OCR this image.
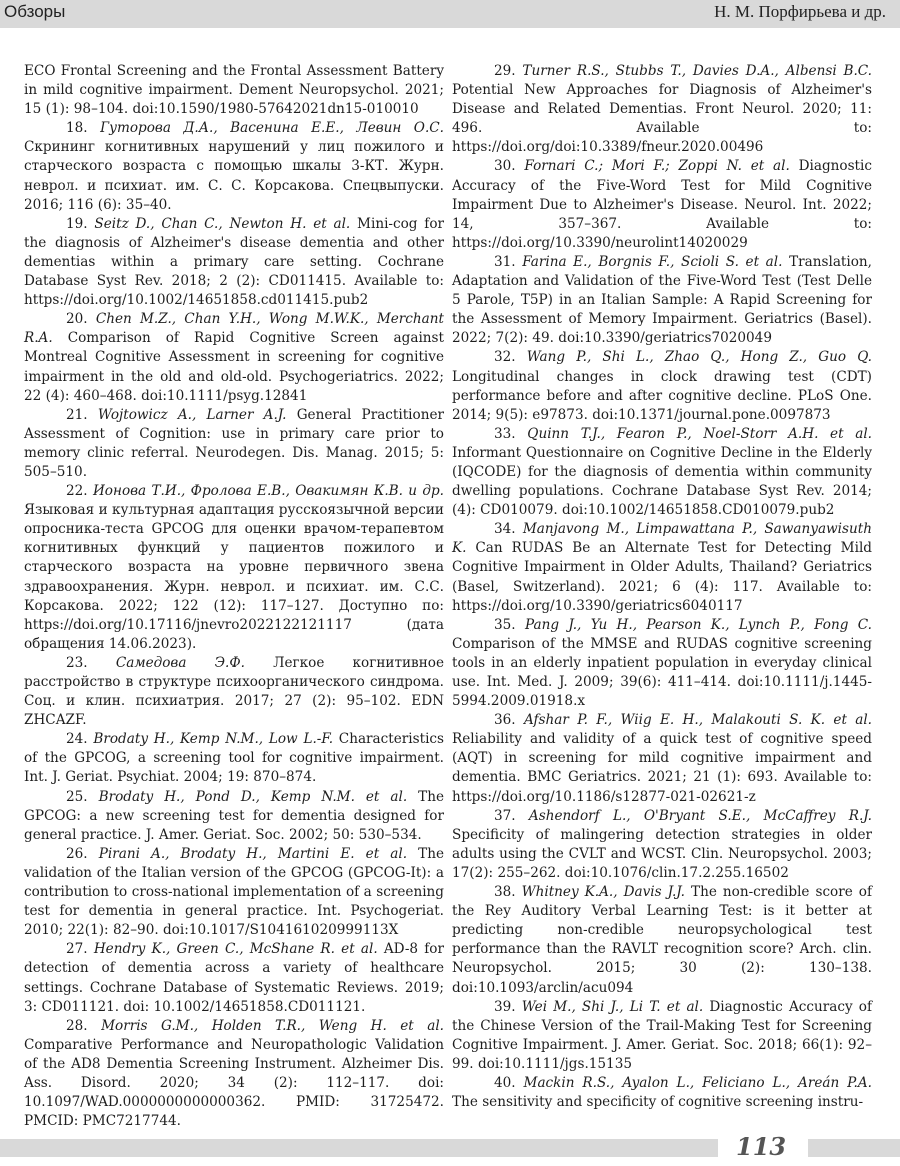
Обзоры	Н. М. Порфирьева и др.

ECO Frontal Screening and the Frontal Assessment Battery in mild cognitive impairment. Dement Neuropsychol. 2021; 15 (1): 98–104. doi:10.1590/1980-57642021dn15-010010

18. Гуторова Д.А., Васенина Е.Е., Левин О.С. Скрининг когнитивных нарушений у лиц пожилого и старческого возраста с помощью шкалы 3-КТ. Журн. неврол. и психиат. им. С. С. Корсакова. Спецвыпуски. 2016; 116 (6): 35–40.

19. Seitz D., Chan C., Newton H. et al. Mini-cog for the diagnosis of Alzheimer's disease dementia and other dementias within a primary care setting. Cochrane Database Syst Rev. 2018; 2 (2): CD011415. Available to: https://doi.org/10.1002/14651858.cd011415.pub2

20. Chen M.Z., Chan Y.H., Wong M.W.K., Merchant R.A. Comparison of Rapid Cognitive Screen against Montreal Cognitive Assessment in screening for cognitive impairment in the old and old-old. Psychogeriatrics. 2022; 22 (4): 460–468. doi:10.1111/psyg.12841

21. Wojtowicz A., Larner A.J. General Practitioner Assessment of Cognition: use in primary care prior to memory clinic referral. Neurodegen. Dis. Manag. 2015; 5: 505–510.

22. Ионова Т.И., Фролова Е.В., Овакимян К.В. и др. Языковая и культурная адаптация русскоязычной версии опросника-теста GPCOG для оценки врачом-терапевтом когнитивных функций у пациентов пожилого и старческого возраста на уровне первичного звена здравоохранения. Журн. неврол. и психиат. им. С.С. Корсакова. 2022; 122 (12): 117–127. Доступно по: https://doi.org/10.17116/jnevro2022122121117 (дата обращения 14.06.2023).

23. Самедова Э.Ф. Легкое когнитивное расстройство в структуре психоорганического синдрома. Соц. и клин. психиатрия. 2017; 27 (2): 95–102. EDN ZHCAZF.

24. Brodaty H., Kemp N.M., Low L.-F. Characteristics of the GPCOG, a screening tool for cognitive impairment. Int. J. Geriat. Psychiat. 2004; 19: 870–874.

25. Brodaty H., Pond D., Kemp N.M. et al. The GPCOG: a new screening test for dementia designed for general practice. J. Amer. Geriat. Soc. 2002; 50: 530–534.

26. Pirani A., Brodaty H., Martini E. et al. The validation of the Italian version of the GPCOG (GPCOG-It): a contribution to cross-national implementation of a screening test for dementia in general practice. Int. Psychogeriat. 2010; 22(1): 82–90. doi:10.1017/S104161020999113X

27. Hendry K., Green C., McShane R. et al. AD-8 for detection of dementia across a variety of healthcare settings. Cochrane Database of Systematic Reviews. 2019; 3: CD011121. doi: 10.1002/14651858.CD011121.

28. Morris G.M., Holden T.R., Weng H. et al. Comparative Performance and Neuropathologic Validation of the AD8 Dementia Screening Instrument. Alzheimer Dis. Ass. Disord. 2020; 34 (2): 112–117. doi: 10.1097/WAD.0000000000000362. PMID: 31725472. PMCID: PMC7217744.

29. Turner R.S., Stubbs T., Davies D.A., Albensi B.C. Potential New Approaches for Diagnosis of Alzheimer's Disease and Related Dementias. Front Neurol. 2020; 11: 496. Available to: https://doi.org/doi:10.3389/fneur.2020.00496

30. Fornari C.; Mori F.; Zoppi N. et al. Diagnostic Accuracy of the Five-Word Test for Mild Cognitive Impairment Due to Alzheimer's Disease. Neurol. Int. 2022; 14, 357–367. Available to: https://doi.org/10.3390/neurolint14020029

31. Farina E., Borgnis F., Scioli S. et al. Translation, Adaptation and Validation of the Five-Word Test (Test Delle 5 Parole, T5P) in an Italian Sample: A Rapid Screening for the Assessment of Memory Impairment. Geriatrics (Basel). 2022; 7(2): 49. doi:10.3390/geriatrics7020049

32. Wang P., Shi L., Zhao Q., Hong Z., Guo Q. Longitudinal changes in clock drawing test (CDT) performance before and after cognitive decline. PLoS One. 2014; 9(5): e97873. doi:10.1371/journal.pone.0097873

33. Quinn T.J., Fearon P., Noel-Storr A.H. et al. Informant Questionnaire on Cognitive Decline in the Elderly (IQCODE) for the diagnosis of dementia within community dwelling populations. Cochrane Database Syst Rev. 2014; (4): CD010079. doi:10.1002/14651858.CD010079.pub2

34. Manjavong M., Limpawattana P., Sawanyawisuth K. Can RUDAS Be an Alternate Test for Detecting Mild Cognitive Impairment in Older Adults, Thailand? Geriatrics (Basel, Switzerland). 2021; 6 (4): 117. Available to: https://doi.org/10.3390/geriatrics6040117

35. Pang J., Yu H., Pearson K., Lynch P., Fong C. Comparison of the MMSE and RUDAS cognitive screening tools in an elderly inpatient population in everyday clinical use. Int. Med. J. 2009; 39(6): 411–414. doi:10.1111/j.1445-5994.2009.01918.x

36. Afshar P. F., Wiig E. H., Malakouti S. K. et al. Reliability and validity of a quick test of cognitive speed (AQT) in screening for mild cognitive impairment and dementia. BMC Geriatrics. 2021; 21 (1): 693. Available to: https://doi.org/10.1186/s12877-021-02621-z

37. Ashendorf L., O'Bryant S.E., McCaffrey R.J. Specificity of malingering detection strategies in older adults using the CVLT and WCST. Clin. Neuropsychol. 2003; 17(2): 255–262. doi:10.1076/clin.17.2.255.16502

38. Whitney K.A., Davis J.J. The non-credible score of the Rey Auditory Verbal Learning Test: is it better at predicting non-credible neuropsychological test performance than the RAVLT recognition score? Arch. clin. Neuropsychol. 2015; 30 (2): 130–138. doi:10.1093/arclin/acu094

39. Wei M., Shi J., Li T. et al. Diagnostic Accuracy of the Chinese Version of the Trail-Making Test for Screening Cognitive Impairment. J. Amer. Geriat. Soc. 2018; 66(1): 92–99. doi:10.1111/jgs.15135

40. Mackin R.S., Ayalon L., Feliciano L., Areán P.A. The sensitivity and specificity of cognitive screening instru-

113
